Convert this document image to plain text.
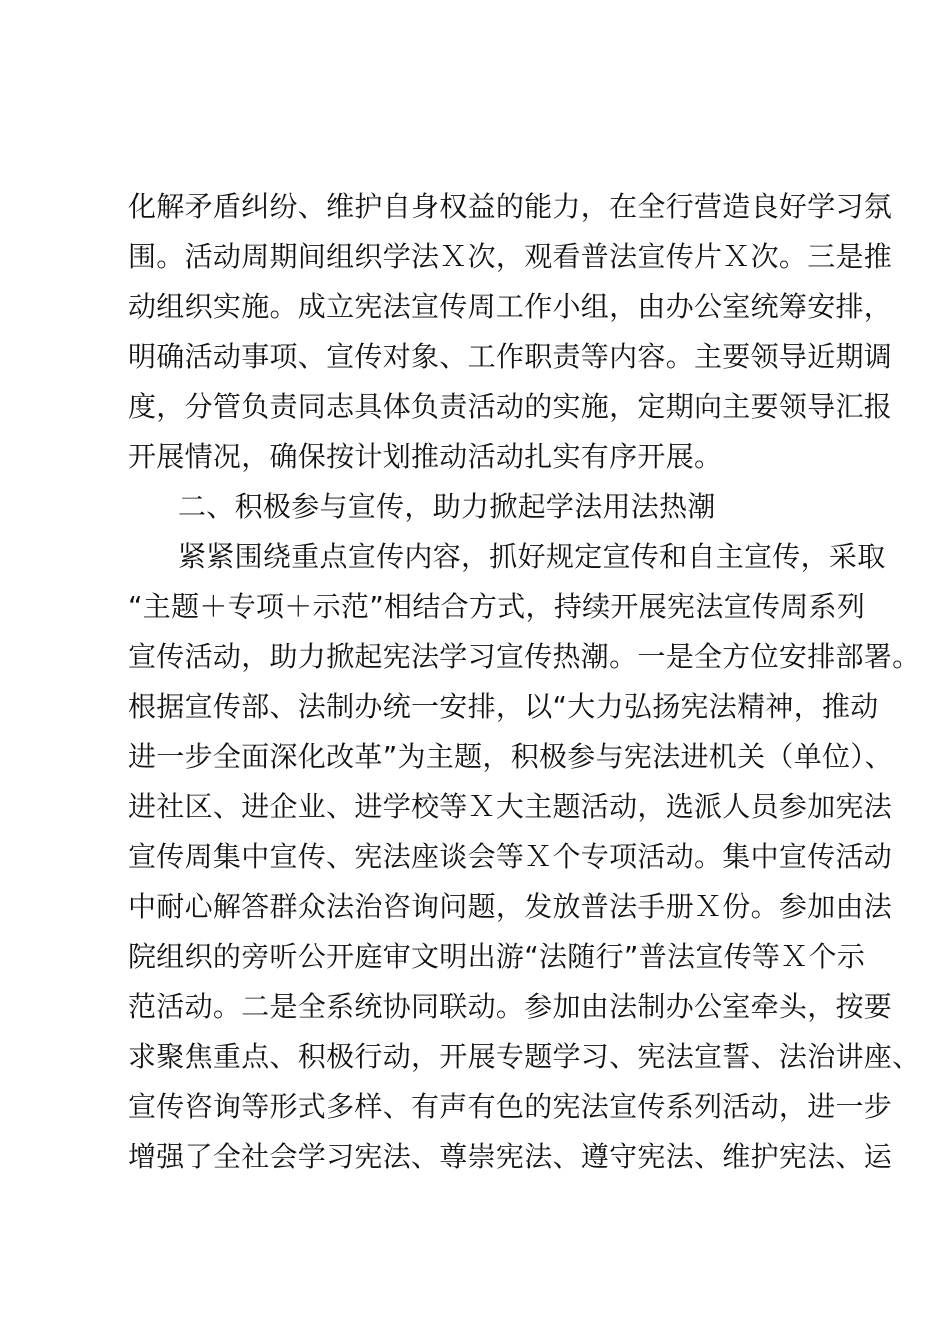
化解矛盾纠纷、维护自身权益的能力，在全行营造良好学习氛
围。活动周期间组织学法Ｘ次，观看普法宣传片Ｘ次。三是推
动组织实施。成立宪法宣传周工作小组，由办公室统筹安排，
明确活动事项、宣传对象、工作职责等内容。主要领导近期调
度，分管负责同志具体负责活动的实施，定期向主要领导汇报
开展情况，确保按计划推动活动扎实有序开展。
二、积极参与宣传，助力掀起学法用法热潮
紧紧围绕重点宣传内容，抓好规定宣传和自主宣传，采取
“主题＋专项＋示范”相结合方式，持续开展宪法宣传周系列
宣传活动，助力掀起宪法学习宣传热潮。一是全方位安排部署。
根据宣传部、法制办统一安排，以“大力弘扬宪法精神，推动
进一步全面深化改革”为主题，积极参与宪法进机关（单位）、
进社区、进企业、进学校等Ｘ大主题活动，选派人员参加宪法
宣传周集中宣传、宪法座谈会等Ｘ个专项活动。集中宣传活动
中耐心解答群众法治咨询问题，发放普法手册Ｘ份。参加由法
院组织的旁听公开庭审文明出游“法随行”普法宣传等Ｘ个示
范活动。二是全系统协同联动。参加由法制办公室牵头，按要
求聚焦重点、积极行动，开展专题学习、宪法宣誓、法治讲座、
宣传咨询等形式多样、有声有色的宪法宣传系列活动，进一步
增强了全社会学习宪法、尊崇宪法、遵守宪法、维护宪法、运
